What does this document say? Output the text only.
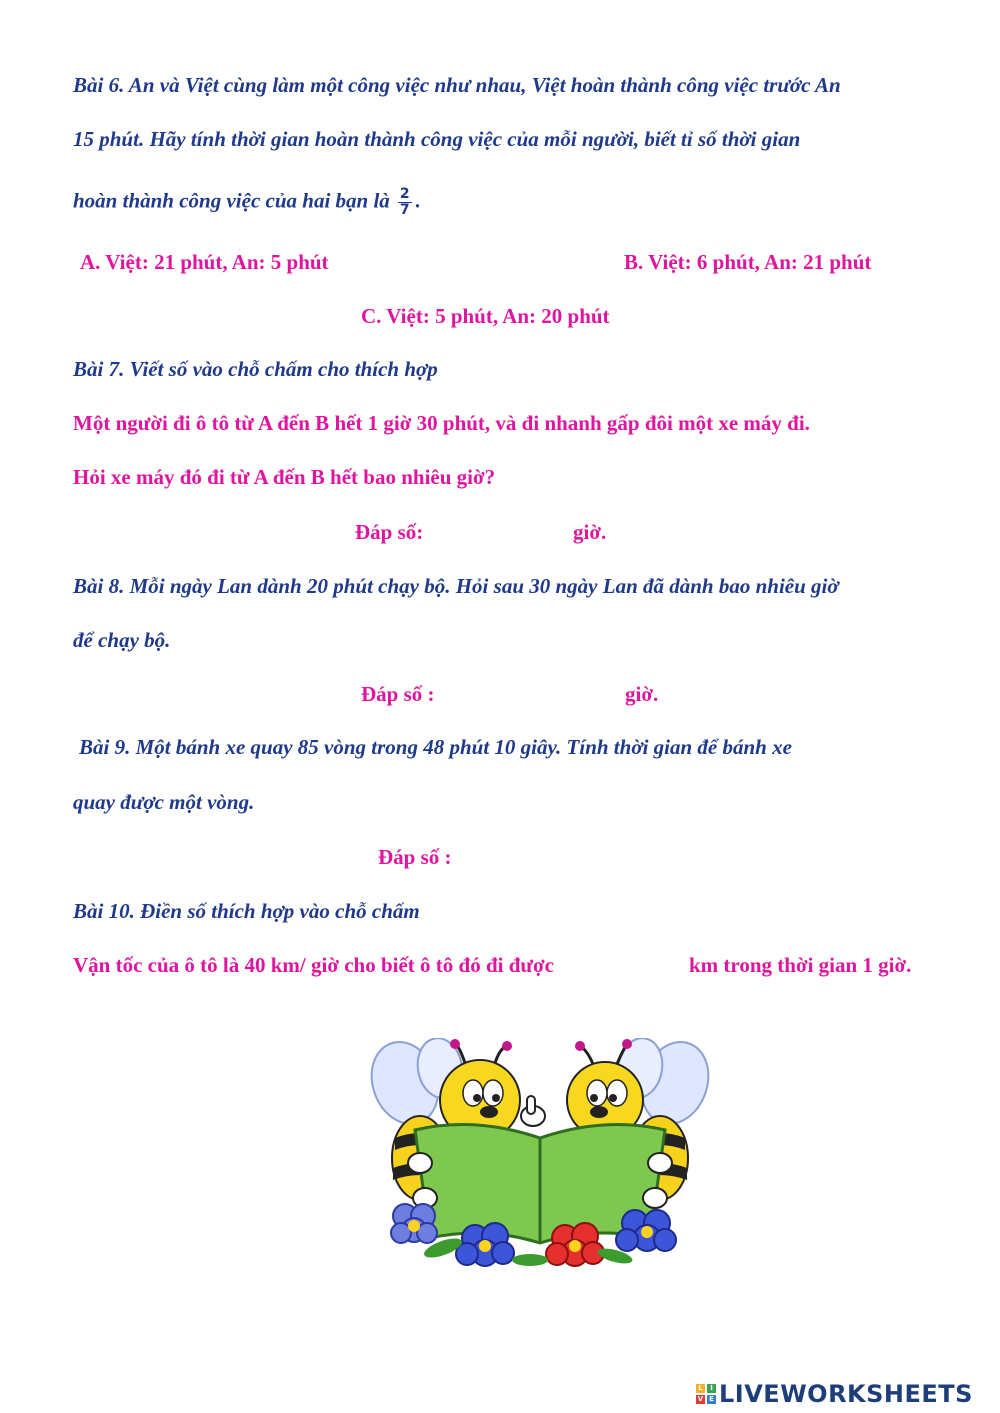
Bài 6. An và Việt cùng làm một công việc như nhau, Việt hoàn thành công việc trước An
15 phút. Hãy tính thời gian hoàn thành công việc của mỗi người, biết tỉ số thời gian
hoàn thành công việc của hai bạn là $\frac{2}{7}$ .
A. Việt: 21 phút, An: 5 phút	B. Việt: 6 phút, An: 21 phút
C. Việt: 5 phút, An: 20 phút
Bài 7. Viết số vào chỗ chấm cho thích hợp
Một người đi ô tô từ A đến B hết 1 giờ 30 phút, và đi nhanh gấp đôi một xe máy đi.
Hỏi xe máy đó đi từ A đến B hết bao nhiêu giờ?
Đáp số:	giờ.
Bài 8. Mỗi ngày Lan dành 20 phút chạy bộ. Hỏi sau 30 ngày Lan đã dành bao nhiêu giờ
để chạy bộ.
Đáp số :	giờ.
Bài 9. Một bánh xe quay 85 vòng trong 48 phút 10 giây. Tính thời gian để bánh xe
quay được một vòng.
Đáp số :
Bài 10. Điền số thích hợp vào chỗ chấm
Vận tốc của ô tô là 40 km/ giờ cho biết ô tô đó đi được	km trong thời gian 1 giờ.
L	I
V E LIVEWORKSHEETS
